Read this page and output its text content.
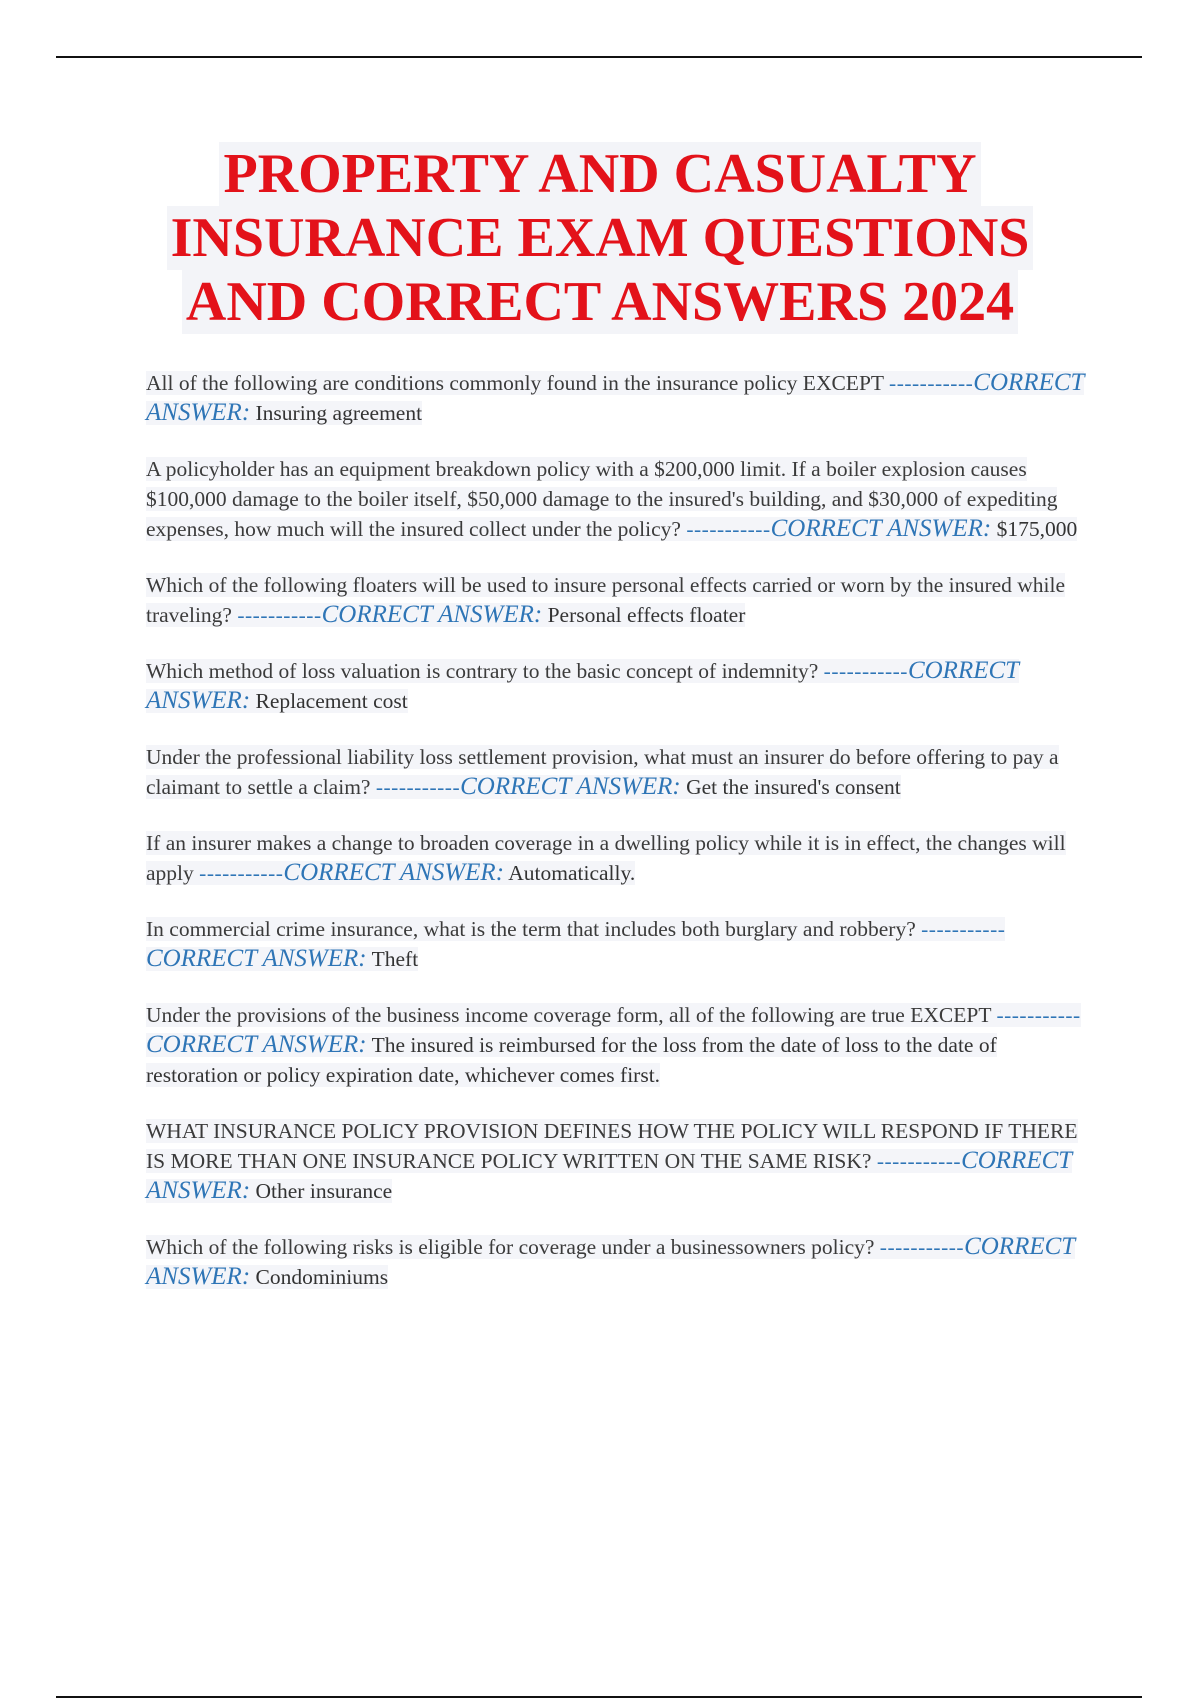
PROPERTY AND CASUALTY
INSURANCE EXAM QUESTIONS
AND CORRECT ANSWERS 2024

All of the following are conditions commonly found in the insurance policy EXCEPT -----------CORRECT ANSWER: Insuring agreement

A policyholder has an equipment breakdown policy with a $200,000 limit. If a boiler explosion causes $100,000 damage to the boiler itself, $50,000 damage to the insured's building, and $30,000 of expediting expenses, how much will the insured collect under the policy? -----------CORRECT ANSWER: $175,000

Which of the following floaters will be used to insure personal effects carried or worn by the insured while traveling? -----------CORRECT ANSWER: Personal effects floater

Which method of loss valuation is contrary to the basic concept of indemnity? -----------CORRECT ANSWER: Replacement cost

Under the professional liability loss settlement provision, what must an insurer do before offering to pay a claimant to settle a claim? -----------CORRECT ANSWER: Get the insured's consent

If an insurer makes a change to broaden coverage in a dwelling policy while it is in effect, the changes will apply -----------CORRECT ANSWER: Automatically.

In commercial crime insurance, what is the term that includes both burglary and robbery? -----------CORRECT ANSWER: Theft

Under the provisions of the business income coverage form, all of the following are true EXCEPT -----------CORRECT ANSWER: The insured is reimbursed for the loss from the date of loss to the date of restoration or policy expiration date, whichever comes first.

WHAT INSURANCE POLICY PROVISION DEFINES HOW THE POLICY WILL RESPOND IF THERE IS MORE THAN ONE INSURANCE POLICY WRITTEN ON THE SAME RISK? -----------CORRECT ANSWER: Other insurance

Which of the following risks is eligible for coverage under a businessowners policy? -----------CORRECT ANSWER: Condominiums
